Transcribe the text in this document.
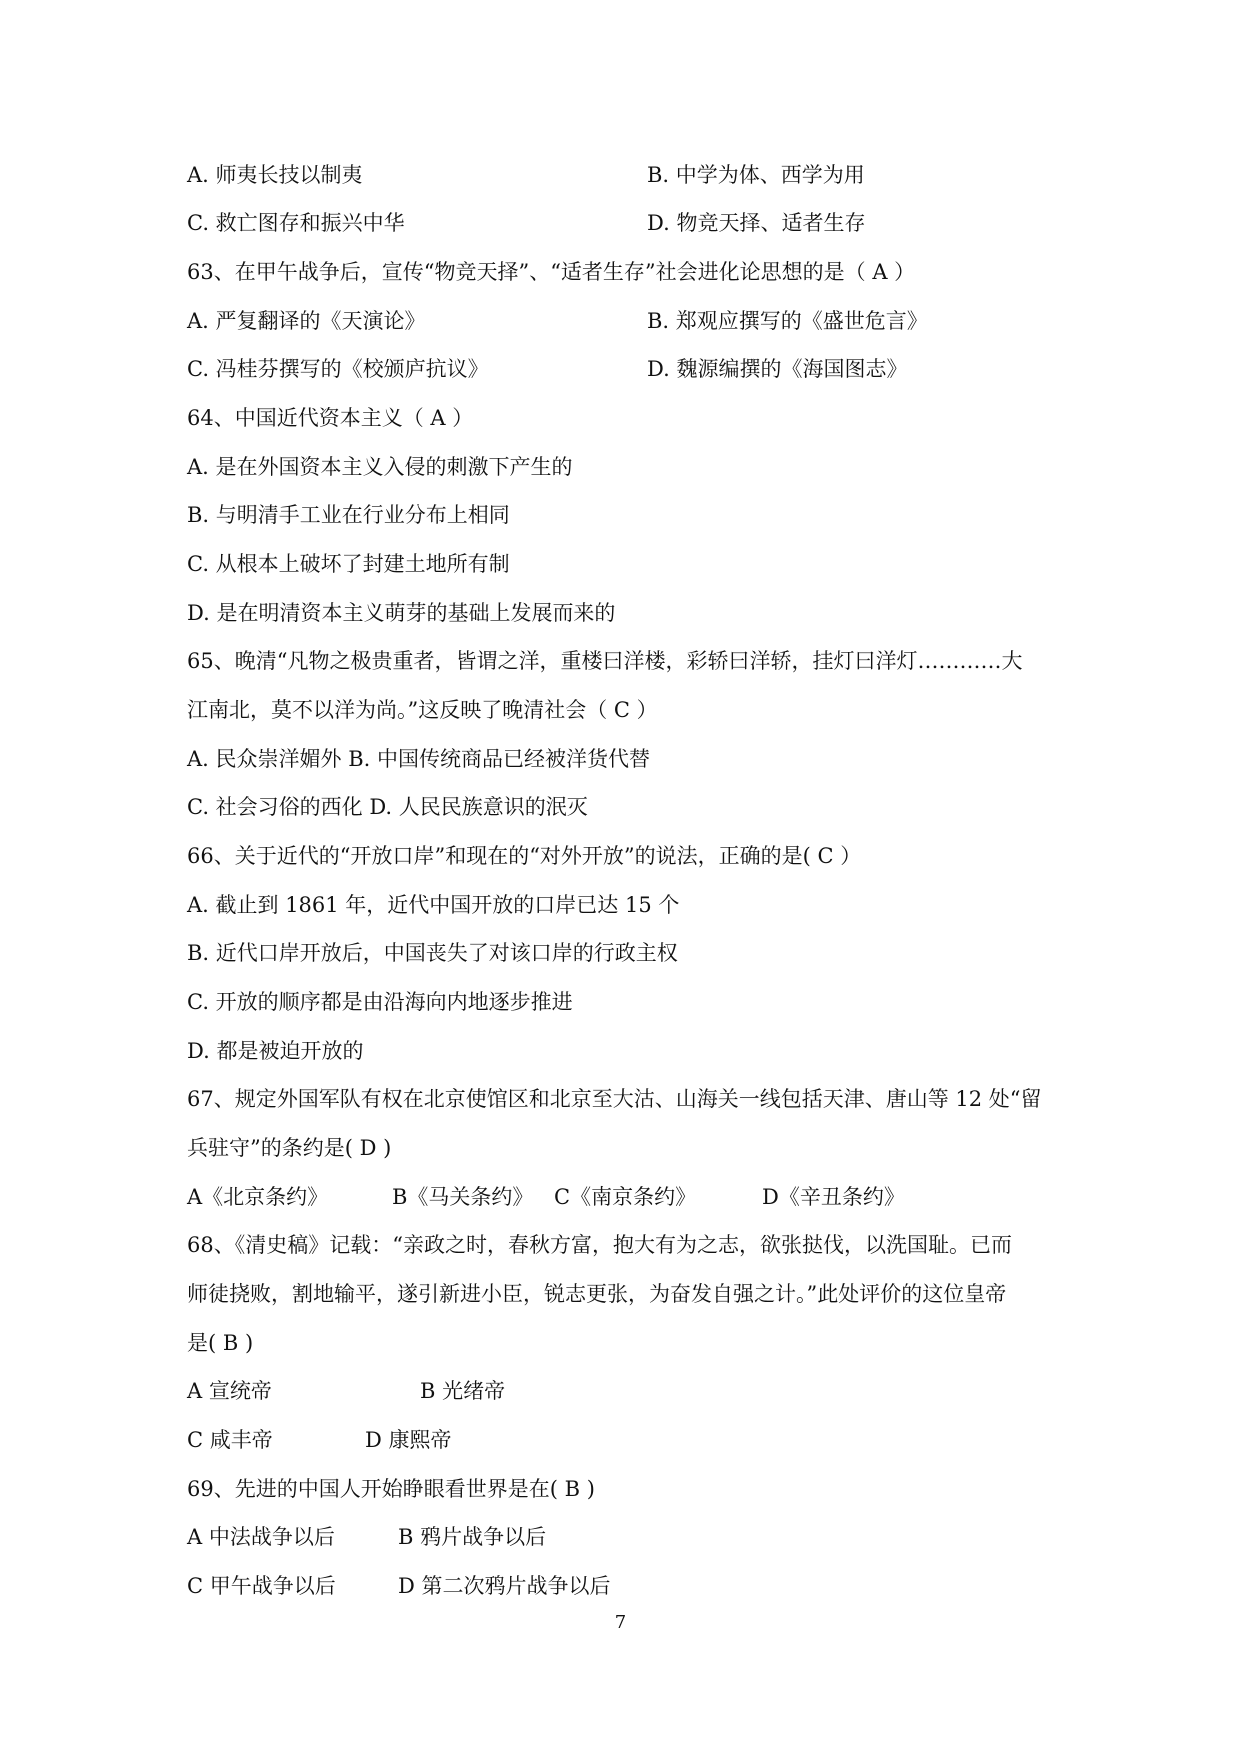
A. 师夷长技以制夷	B. 中学为体、西学为用
C. 救亡图存和振兴中华	D. 物竞天择、适者生存
63、在甲午战争后，宣传“物竞天择”、“适者生存”社会进化论思想的是（ A ）
A. 严复翻译的《天演论》	B. 郑观应撰写的《盛世危言》
C. 冯桂芬撰写的《校颁庐抗议》	D. 魏源编撰的《海国图志》
64、中国近代资本主义（ A ）
A. 是在外国资本主义入侵的刺激下产生的
B. 与明清手工业在行业分布上相同
C. 从根本上破坏了封建土地所有制
D. 是在明清资本主义萌芽的基础上发展而来的
65、晚清“凡物之极贵重者，皆谓之洋，重楼曰洋楼，彩轿曰洋轿，挂灯曰洋灯…………大
江南北，莫不以洋为尚。”这反映了晚清社会（ C ）
A. 民众崇洋媚外 B. 中国传统商品已经被洋货代替
C. 社会习俗的西化 D. 人民民族意识的泯灭
66、关于近代的“开放口岸”和现在的“对外开放”的说法，正确的是( C ）
A. 截止到 1861 年，近代中国开放的口岸已达 15 个
B. 近代口岸开放后，中国丧失了对该口岸的行政主权
C. 开放的顺序都是由沿海向内地逐步推进
D. 都是被迫开放的
67、规定外国军队有权在北京使馆区和北京至大沽、山海关一线包括天津、唐山等 12 处“留
兵驻守”的条约是( D )
A《北京条约》	B《马关条约》 C《南京条约》	D《辛丑条约》
68、《清史稿》记载：“亲政之时，春秋方富，抱大有为之志，欲张挞伐，以洗国耻。已而
师徒挠败，割地输平，遂引新进小臣，锐志更张，为奋发自强之计。”此处评价的这位皇帝
是( B )
A 宣统帝	B 光绪帝
C 咸丰帝	D 康熙帝
69、先进的中国人开始睁眼看世界是在( B )
A 中法战争以后	B 鸦片战争以后
C 甲午战争以后	D 第二次鸦片战争以后
7
